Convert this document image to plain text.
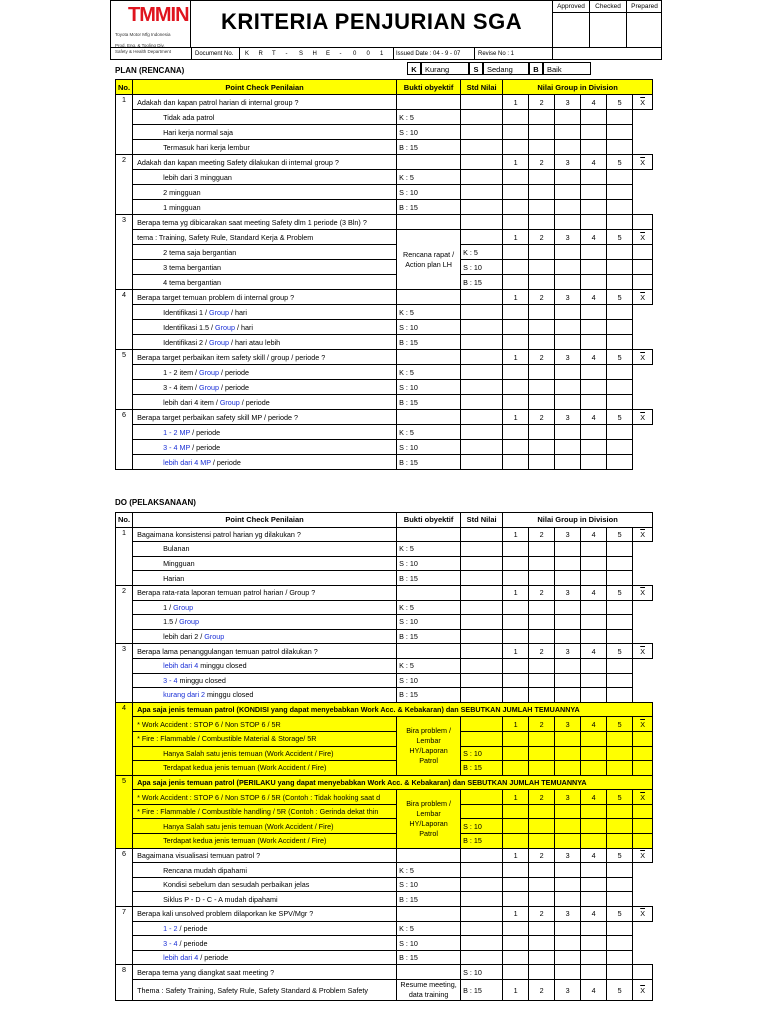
TMMIN
Toyota Motor Mfg Indonesia

Prod. Eng. & Tooling Div.
Safety & Health Department
KRITERIA PENJURIAN SGA
Approved	Checked	Prepared
Document No. K R T - S H E - 0 0 1 Issued Date : 04 - 9 - 07	Revise No : 1
PLAN (RENCANA)	K	Kurang	S	Sedang	B	Baik
No.	Point Check Penilaian	Bukti obyektif	Std Nilai	Nilai Group in Division					
1	Adakah dan kapan patrol harian di internal group ?			1	2	3	4	5	$\overline{X}$
	Tidak ada patrol	K : 5							
	Hari kerja normal saja	S : 10							
	Termasuk hari kerja lembur	B : 15							
2	Adakah dan kapan meeting Safety dilakukan di internal group ?			1	2	3	4	5	$\overline{X}$
	lebih dari 3 mingguan	K : 5							
	2 mingguan	S : 10							
	1 mingguan	B : 15							
3	Berapa tema yg dibicarakan saat meeting Safety dlm 1 periode (3 Bln) ?								
	tema : Training, Safety Rule, Standard Kerja & Problem	Rencana rapat / Action plan LH		1	2	3	4	5	$\overline{X}$
	2 tema saja bergantian		K : 5						
	3 tema bergantian		S : 10						
	4 tema bergantian		B : 15						
4	Berapa target temuan problem di internal group ?			1	2	3	4	5	$\overline{X}$
	Identifikasi 1 / Group / hari	K : 5							
	Identifikasi 1.5 / Group / hari	S : 10							
	Identifikasi 2 / Group / hari atau lebih	B : 15							
5	Berapa target perbaikan item safety skill / group / periode ?			1	2	3	4	5	$\overline{X}$
	1 - 2 item / Group / periode	K : 5							
	3 - 4 item / Group / periode	S : 10							
	lebih dari 4 item / Group / periode	B : 15							
6	Berapa target perbaikan safety skill MP / periode ?			1	2	3	4	5	$\overline{X}$
	1 - 2 MP / periode	K : 5							
	3 - 4 MP / periode	S : 10							
	lebih dari 4 MP / periode	B : 15							
DO (PELAKSANAAN)
No.	Point Check Penilaian	Bukti obyektif	Std Nilai	Nilai Group in Division					
1	Bagaimana konsistensi patrol harian yg dilakukan ?			1	2	3	4	5	$\overline{X}$
	Bulanan	K : 5							
	Mingguan	S : 10							
	Harian	B : 15							
2	Berapa rata-rata laporan temuan patrol harian / Group ?			1	2	3	4	5	$\overline{X}$
	1 / Group	K : 5							
	1.5 / Group	S : 10							
	lebih dari 2 / Group	B : 15							
3	Berapa lama penanggulangan temuan patrol dilakukan ?			1	2	3	4	5	$\overline{X}$
	lebih dari 4 minggu closed	K : 5							
	3 - 4 minggu closed	S : 10							
	kurang dari 2 minggu closed	B : 15							
4	Apa saja jenis temuan patrol (KONDISI yang dapat menyebabkan Work Acc. & Kebakaran) dan SEBUTKAN JUMLAH TEMUANNYA								
	* Work Accident : STOP 6 / Non STOP 6 / 5R	Bira problem / Lembar HY/Laporan Patrol		1	2	3	4	5	$\overline{X}$
	* Fire : Flammable / Combustible Material & Storage/ 5R								
	Hanya Salah satu jenis temuan (Work Accident / Fire)		S : 10						
	Terdapat kedua jenis temuan (Work Accident / Fire)		B : 15						
5	Apa saja jenis temuan patrol (PERILAKU yang dapat menyebabkan Work Acc. & Kebakaran) dan SEBUTKAN JUMLAH TEMUANNYA								
	* Work Accident : STOP 6 / Non STOP 6 / 5R (Contoh : Tidak hooking saat d	Bira problem / Lembar HY/Laporan Patrol		1	2	3	4	5	$\overline{X}$
	* Fire : Flammable / Combustible handling / 5R (Contoh : Gerinda dekat thin								
	Hanya Salah satu jenis temuan (Work Accident / Fire)		S : 10						
	Terdapat kedua jenis temuan (Work Accident / Fire)		B : 15						
6	Bagaimana visualisasi temuan patrol ?			1	2	3	4	5	$\overline{X}$
	Rencana mudah dipahami	K : 5							
	Kondisi sebelum dan sesudah perbaikan jelas	S : 10							
	Siklus P - D - C - A mudah dipahami	B : 15							
7	Berapa kali unsolved problem dilaporkan ke SPV/Mgr ?			1	2	3	4	5	$\overline{X}$
	1 - 2 / periode	K : 5							
	3 - 4 / periode	S : 10							
	lebih dari 4 / periode	B : 15							
8	Berapa tema yang diangkat saat meeting ?		S : 10						
	Thema : Safety Training, Safety Rule, Safety Standard & Problem Safety	Resume meeting, data training	B : 15	1	2	3	4	5	$\overline{X}$
